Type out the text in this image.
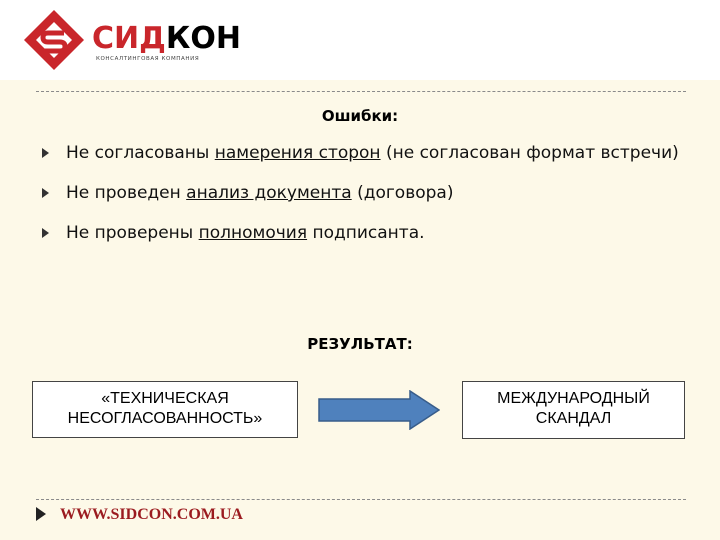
СИДКОН
КОНСАЛТИНГОВАЯ КОМПАНИЯ
Ошибки:
Не согласованы намерения сторон (не согласован формат встречи)
Не проведен анализ документа (договора)
Не проверены полномочия подписанта.
РЕЗУЛЬТАТ:
«ТЕХНИЧЕСКАЯ
НЕСОГЛАСОВАННОСТЬ»
МЕЖДУНАРОДНЫЙ
СКАНДАЛ
WWW.SIDCON.COM.UA
